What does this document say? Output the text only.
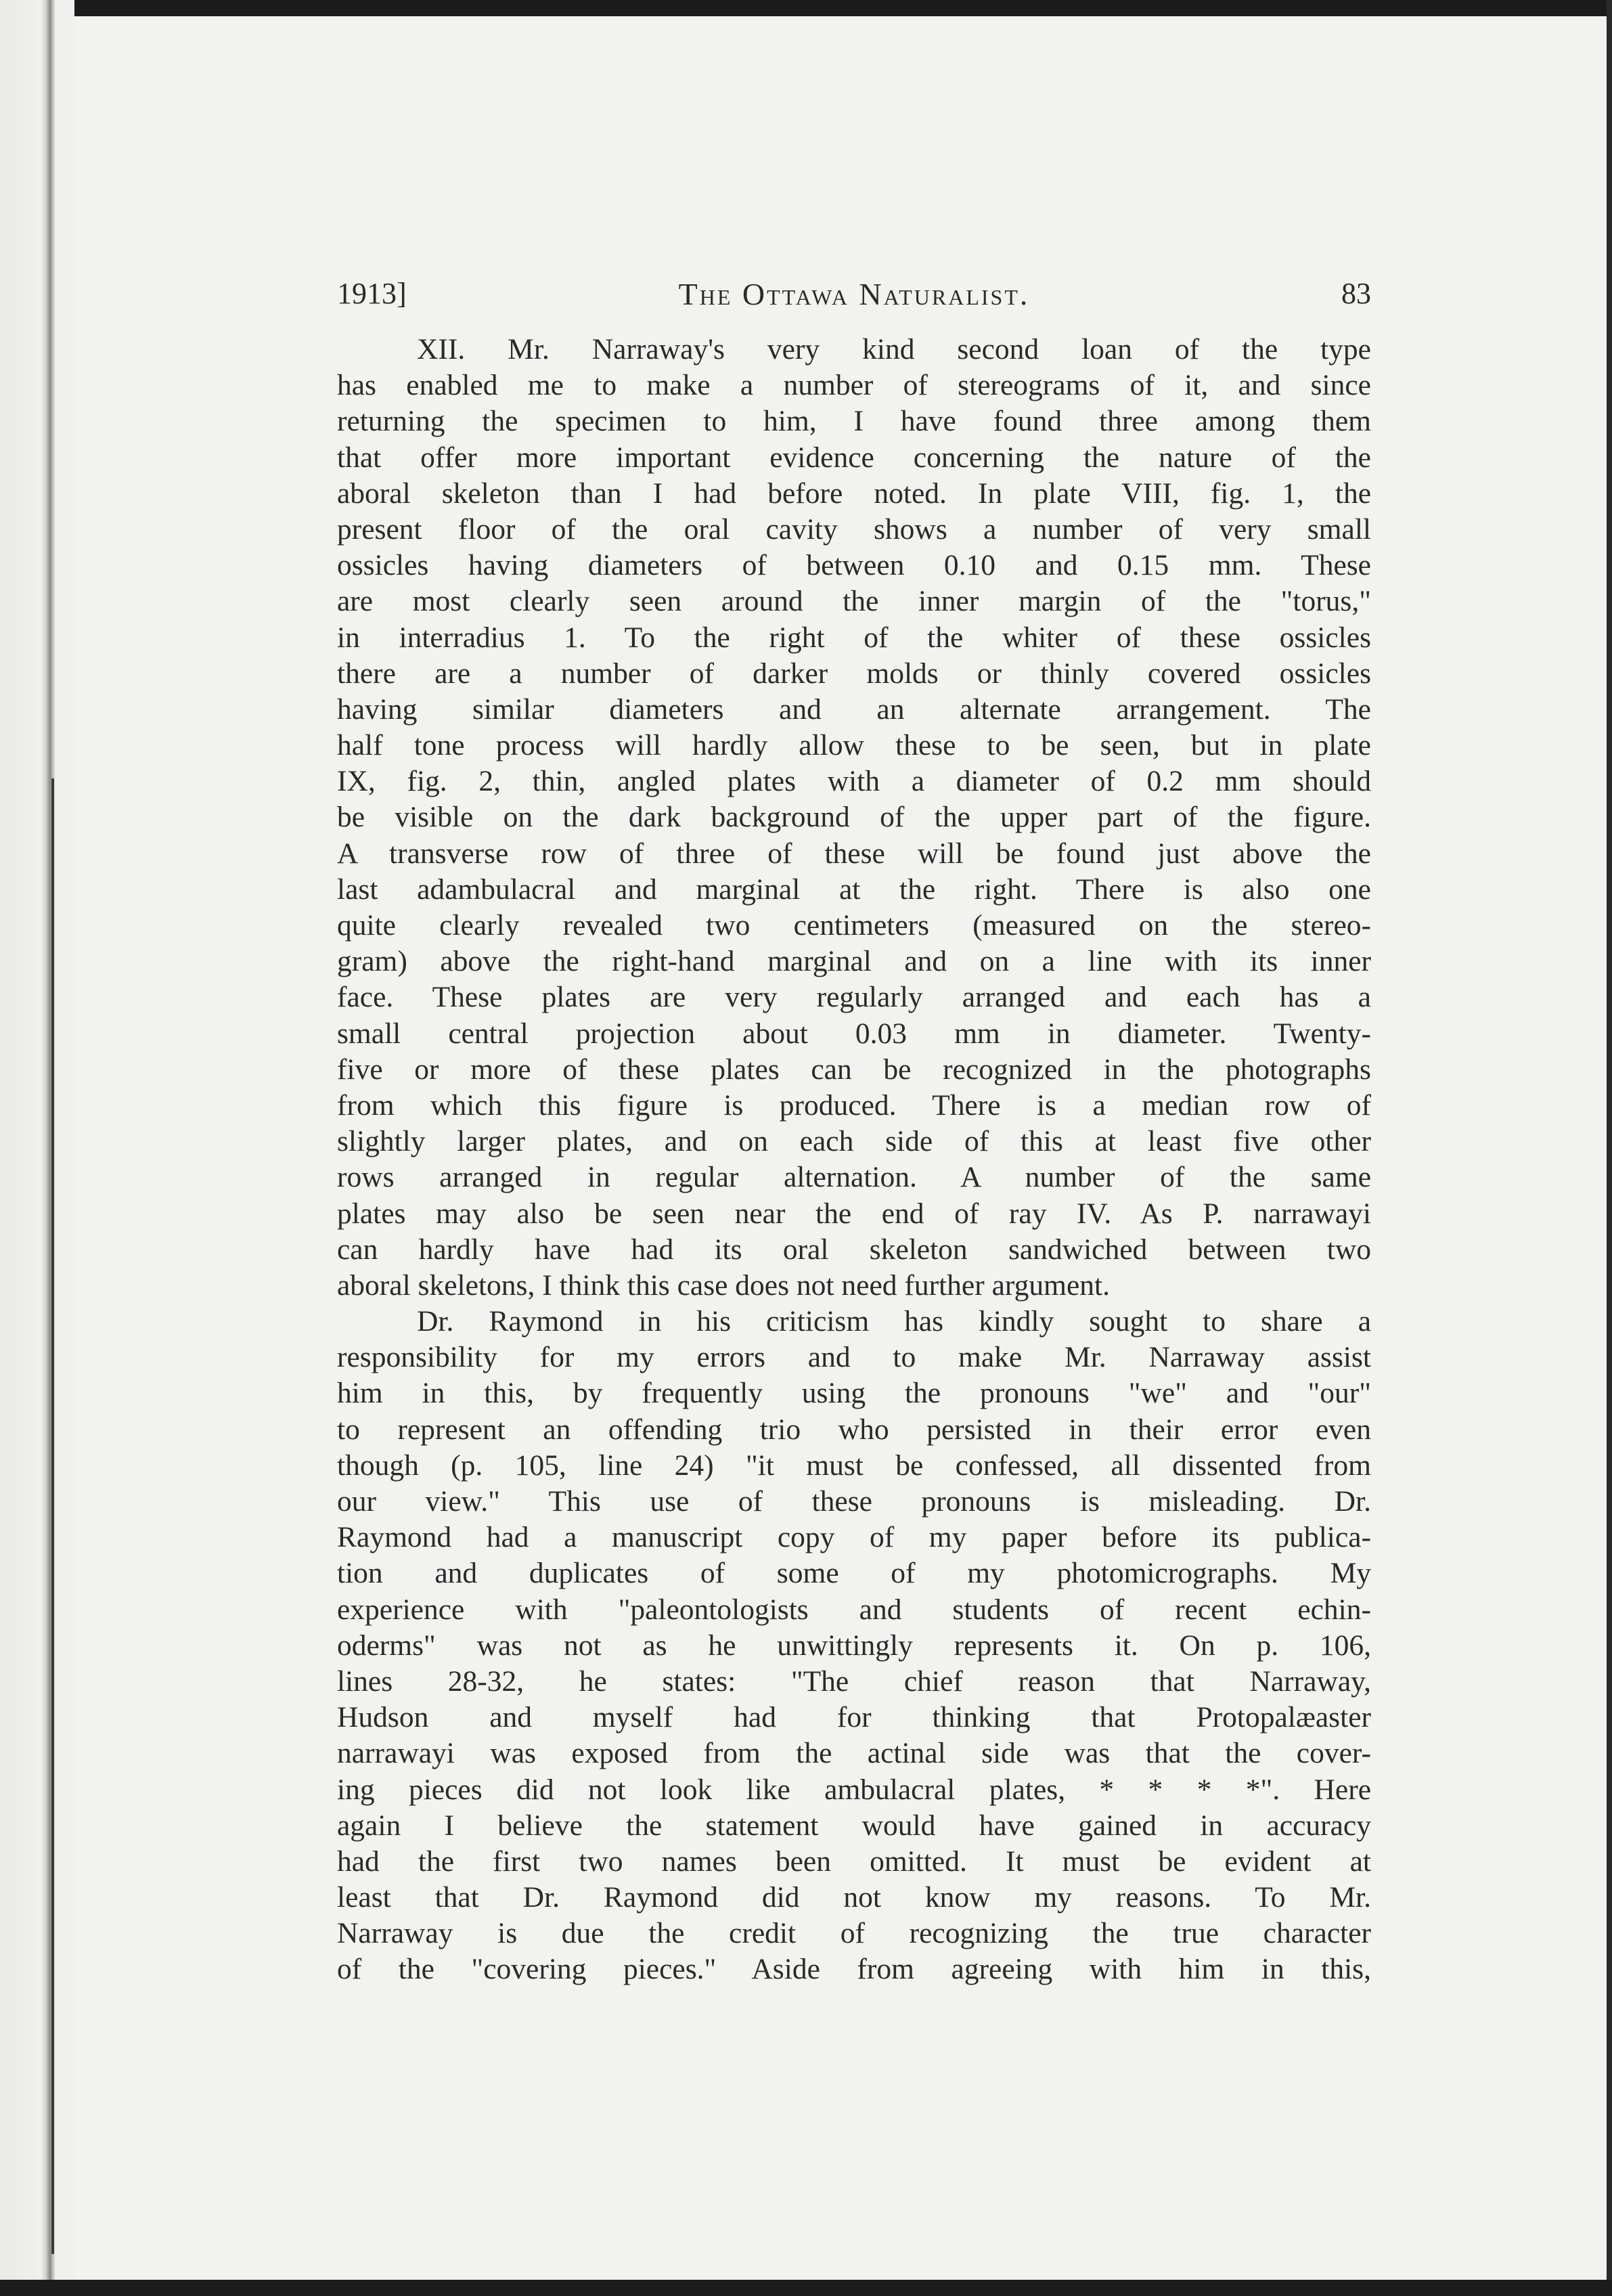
1913]	The Ottawa Naturalist.	83
XII. Mr. Narraway's very kind second loan of the type
has enabled me to make a number of stereograms of it, and since
returning the specimen to him, I have found three among them
that offer more important evidence concerning the nature of the
aboral skeleton than I had before noted. In plate VIII, fig. 1, the
present floor of the oral cavity shows a number of very small
ossicles having diameters of between 0.10 and 0.15 mm. These
are most clearly seen around the inner margin of the "torus,"
in interradius 1. To the right of the whiter of these ossicles
there are a number of darker molds or thinly covered ossicles
having similar diameters and an alternate arrangement. The
half tone process will hardly allow these to be seen, but in plate
IX, fig. 2, thin, angled plates with a diameter of 0.2 mm should
be visible on the dark background of the upper part of the figure.
A transverse row of three of these will be found just above the
last adambulacral and marginal at the right. There is also one
quite clearly revealed two centimeters (measured on the stereo-
gram) above the right-hand marginal and on a line with its inner
face. These plates are very regularly arranged and each has a
small central projection about 0.03 mm in diameter. Twenty-
five or more of these plates can be recognized in the photographs
from which this figure is produced. There is a median row of
slightly larger plates, and on each side of this at least five other
rows arranged in regular alternation. A number of the same
plates may also be seen near the end of ray IV. As P. narrawayi
can hardly have had its oral skeleton sandwiched between two
aboral skeletons, I think this case does not need further argument.
Dr. Raymond in his criticism has kindly sought to share a
responsibility for my errors and to make Mr. Narraway assist
him in this, by frequently using the pronouns "we" and "our"
to represent an offending trio who persisted in their error even
though (p. 105, line 24) "it must be confessed, all dissented from
our view." This use of these pronouns is misleading. Dr.
Raymond had a manuscript copy of my paper before its publica-
tion and duplicates of some of my photomicrographs. My
experience with "paleontologists and students of recent echin-
oderms" was not as he unwittingly represents it. On p. 106,
lines 28-32, he states: "The chief reason that Narraway,
Hudson and myself had for thinking that Protopalæaster
narrawayi was exposed from the actinal side was that the cover-
ing pieces did not look like ambulacral plates, * * * *". Here
again I believe the statement would have gained in accuracy
had the first two names been omitted. It must be evident at
least that Dr. Raymond did not know my reasons. To Mr.
Narraway is due the credit of recognizing the true character
of the "covering pieces." Aside from agreeing with him in this,
